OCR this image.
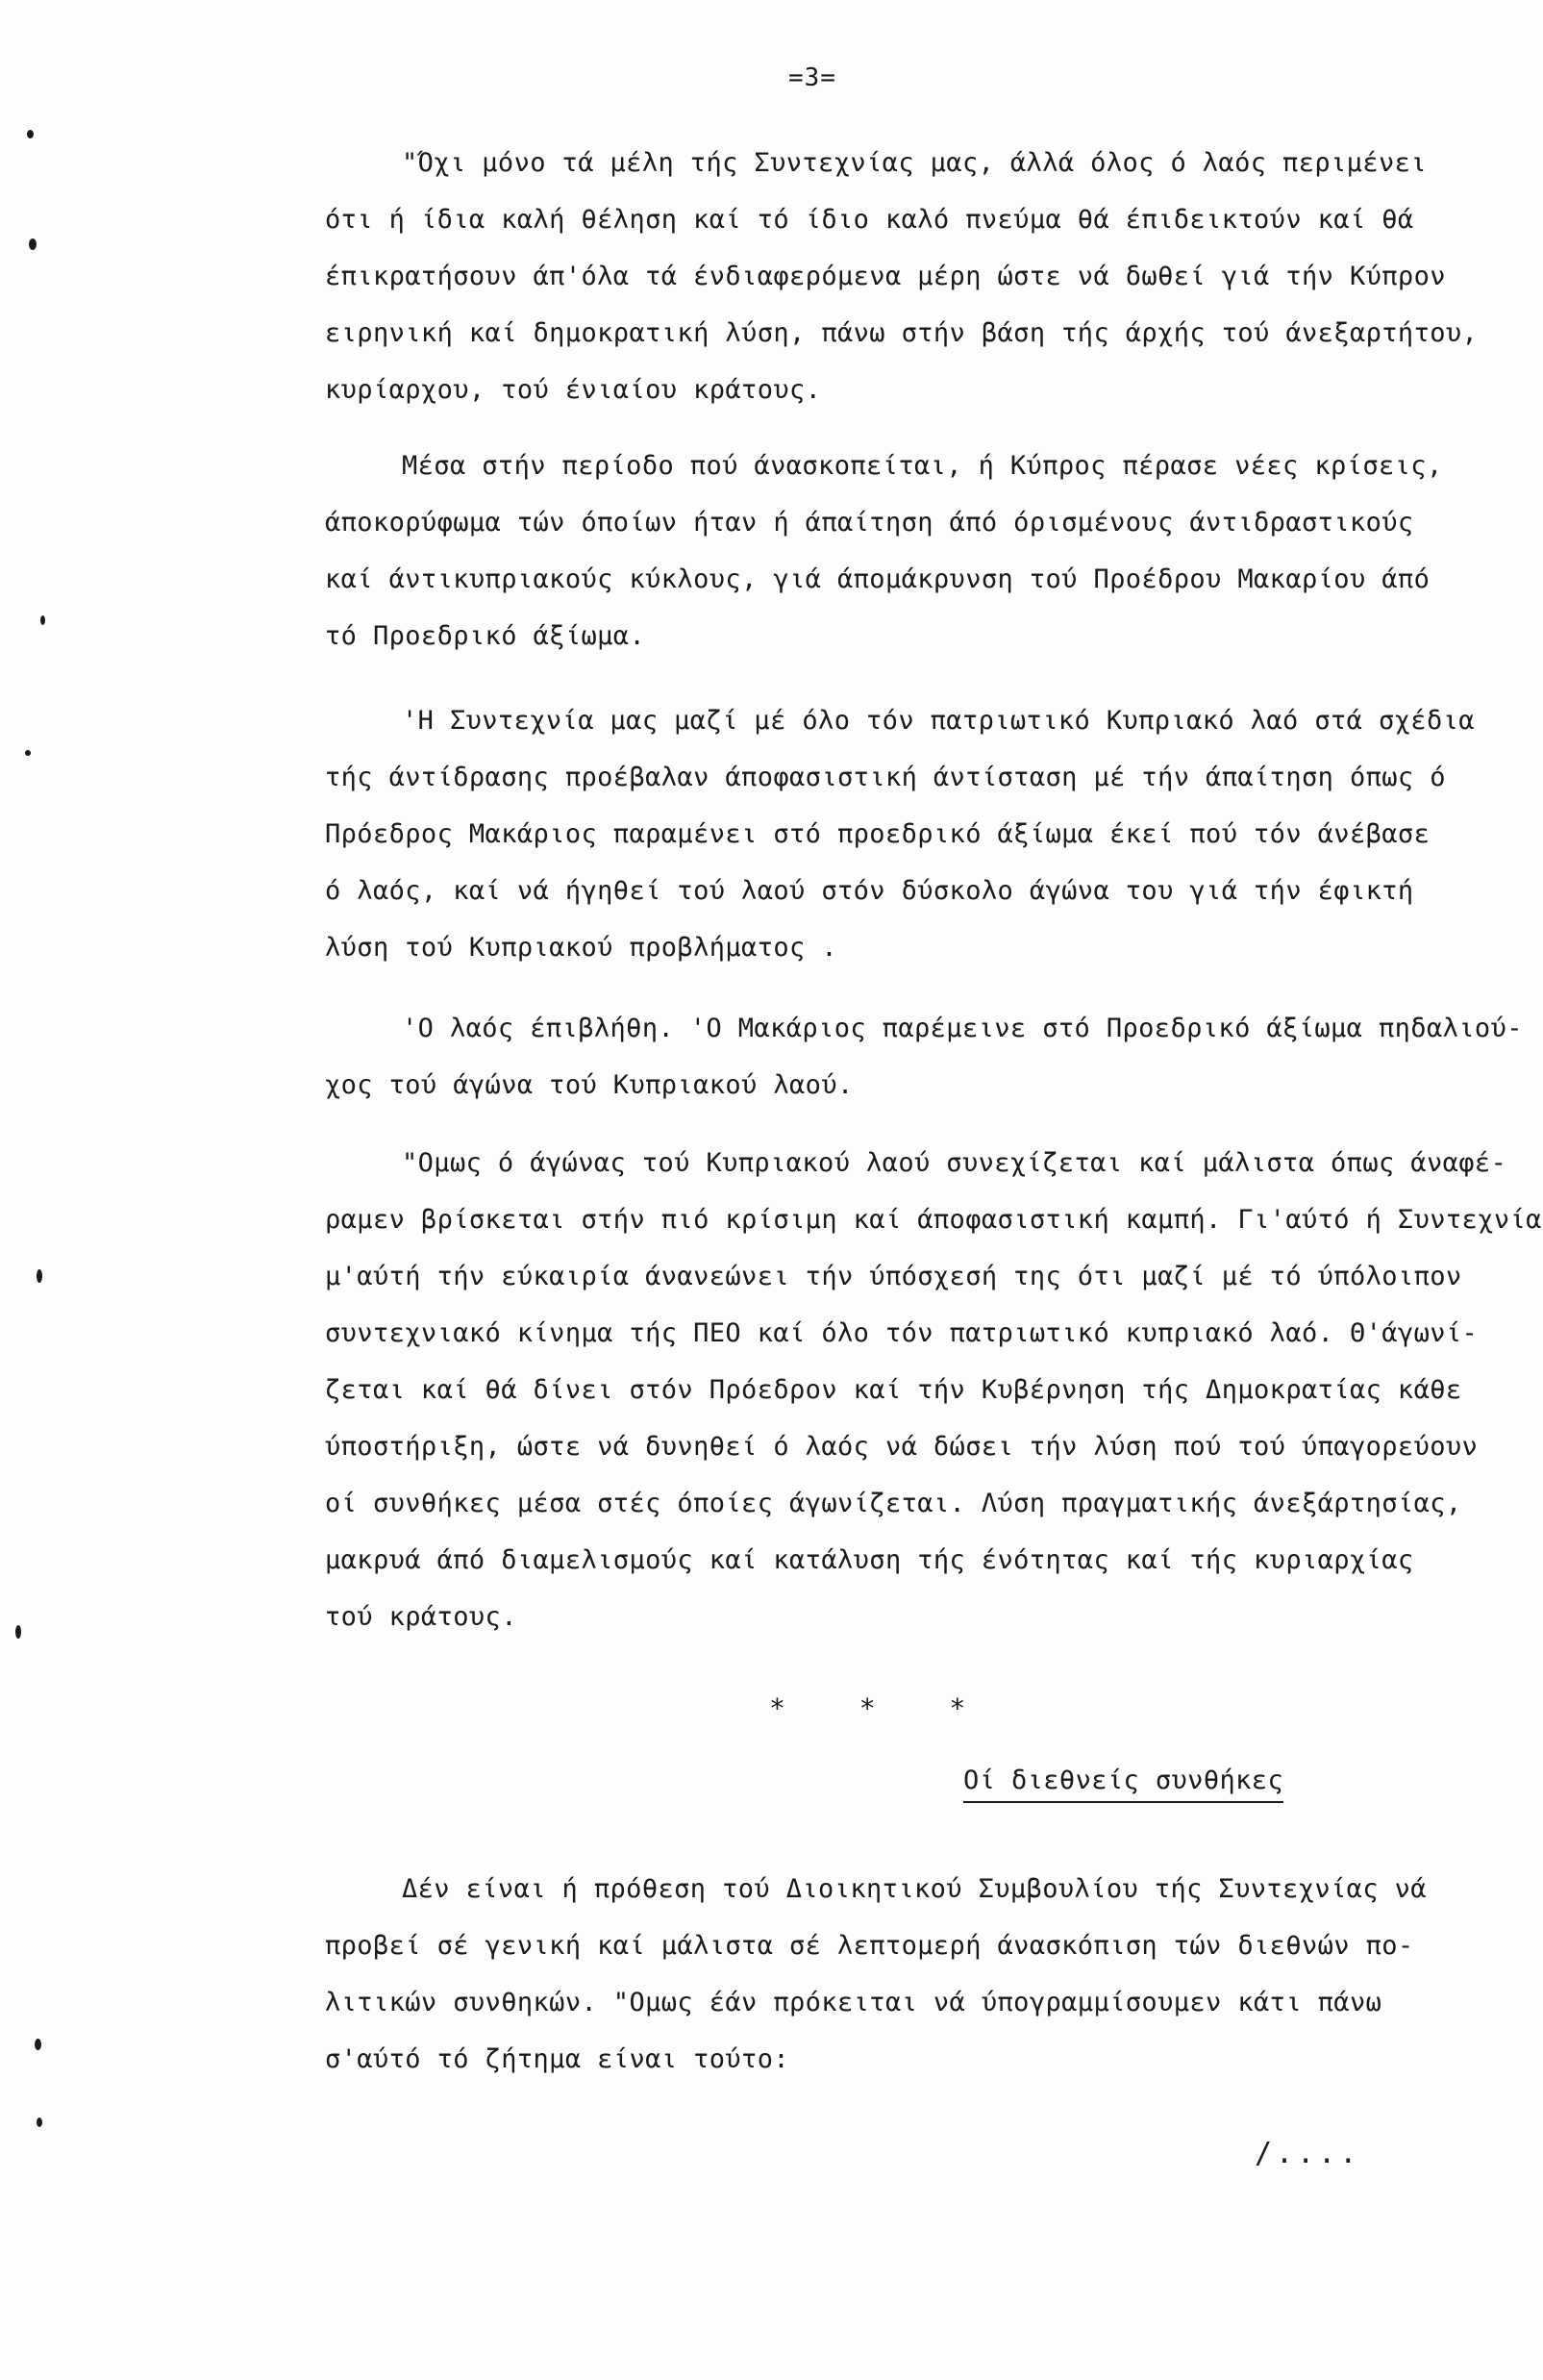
=3=
"Όχι μόνο τά μέλη τής Συντεχνίας μας, άλλά όλος ό λαός περιμένει
ότι ή ίδια καλή θέληση καί τό ίδιο καλό πνεύμα θά έπιδεικτούν καί θά
έπικρατήσουν άπ'όλα τά ένδιαφερόμενα μέρη ώστε νά δωθεί γιά τήν Κύπρον
ειρηνική καί δημοκρατική λύση, πάνω στήν βάση τής άρχής τού άνεξαρτήτου,
κυρίαρχου, τού ένιαίου κράτους.
Μέσα στήν περίοδο πού άνασκοπείται, ή Κύπρος πέρασε νέες κρίσεις,
άποκορύφωμα τών όποίων ήταν ή άπαίτηση άπό όρισμένους άντιδραστικούς
καί άντικυπριακούς κύκλους, γιά άπομάκρυνση τού Προέδρου Μακαρίου άπό
τό Προεδρικό άξίωμα.
'Η Συντεχνία μας μαζί μέ όλο τόν πατριωτικό Κυπριακό λαό στά σχέδια
τής άντίδρασης προέβαλαν άποφασιστική άντίσταση μέ τήν άπαίτηση όπως ό
Πρόεδρος Μακάριος παραμένει στό προεδρικό άξίωμα έκεί πού τόν άνέβασε
ό λαός, καί νά ήγηθεί τού λαού στόν δύσκολο άγώνα του γιά τήν έφικτή
λύση τού Κυπριακού προβλήματος .
'Ο λαός έπιβλήθη. 'Ο Μακάριος παρέμεινε στό Προεδρικό άξίωμα πηδαλιού-
χος τού άγώνα τού Κυπριακού λαού.
"Ομως ό άγώνας τού Κυπριακού λαού συνεχίζεται καί μάλιστα όπως άναφέ-
ραμεν βρίσκεται στήν πιό κρίσιμη καί άποφασιστική καμπή. Γι'αύτό ή Συντεχνία
μ'αύτή τήν εύκαιρία άνανεώνει τήν ύπόσχεσή της ότι μαζί μέ τό ύπόλοιπον
συντεχνιακό κίνημα τής ΠΕΟ καί όλο τόν πατριωτικό κυπριακό λαό. Θ'άγωνί-
ζεται καί θά δίνει στόν Πρόεδρον καί τήν Κυβέρνηση τής Δημοκρατίας κάθε
ύποστήριξη, ώστε νά δυνηθεί ό λαός νά δώσει τήν λύση πού τού ύπαγορεύουν
οί συνθήκες μέσα στές όποίες άγωνίζεται. Λύση πραγματικής άνεξάρτησίας,
μακρυά άπό διαμελισμούς καί κατάλυση τής ένότητας καί τής κυριαρχίας
τού κράτους.
Δέν είναι ή πρόθεση τού Διοικητικού Συμβουλίου τής Συντεχνίας νά
προβεί σέ γενική καί μάλιστα σέ λεπτομερή άνασκόπιση τών διεθνών πο-
λιτικών συνθηκών. "Ομως έάν πρόκειται νά ύπογραμμίσουμεν κάτι πάνω
σ'αύτό τό ζήτημα είναι τούτο:
* * *
Οί διεθνείς συνθήκες
/....
